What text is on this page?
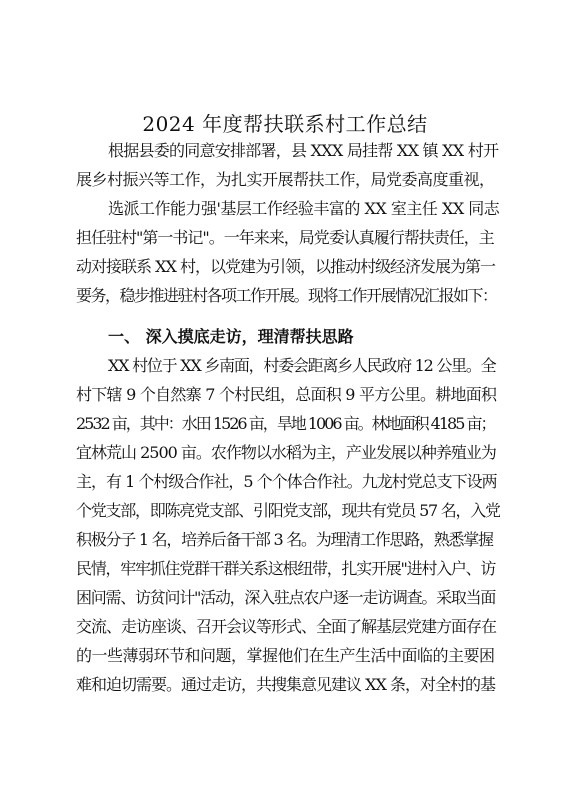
2024 年度帮扶联系村工作总结
根据县委的同意安排部署，县 XXX 局挂帮 XX 镇 XX 村开
展乡村振兴等工作，为扎实开展帮扶工作，局党委高度重视，
选派工作能力强'基层工作经验丰富的 XX 室主任 XX 同志
担任驻村"第一书记"。一年来来，局党委认真履行帮扶责任，主
动对接联系 XX 村，以党建为引领，以推动村级经济发展为第一
要务，稳步推进驻村各项工作开展。现将工作开展情况汇报如下：
一、 深入摸底走访，理清帮扶思路
XX 村位于 XX 乡南面，村委会距离乡人民政府 12 公里。全
村下辖 9 个自然寨 7 个村民组，总面积 9 平方公里。耕地面积
2532 亩，其中：水田 1526 亩，旱地 1006 亩。林地面积 4185 亩；
宜林荒山 2500 亩。农作物以水稻为主，产业发展以种养殖业为
主，有 1 个村级合作社，5 个个体合作社。九龙村党总支下设两
个党支部，即陈亮党支部、引阳党支部，现共有党员 57 名，入党
积极分子 1 名，培养后备干部 3 名。为理清工作思路，熟悉掌握
民情，牢牢抓住党群干群关系这根纽带，扎实开展"进村入户、访
困问需、访贫问计"活动，深入驻点农户逐一走访调查。采取当面
交流、走访座谈、召开会议等形式、全面了解基层党建方面存在
的一些薄弱环节和问题，掌握他们在生产生活中面临的主要困
难和迫切需要。通过走访，共搜集意见建议 XX 条，对全村的基
